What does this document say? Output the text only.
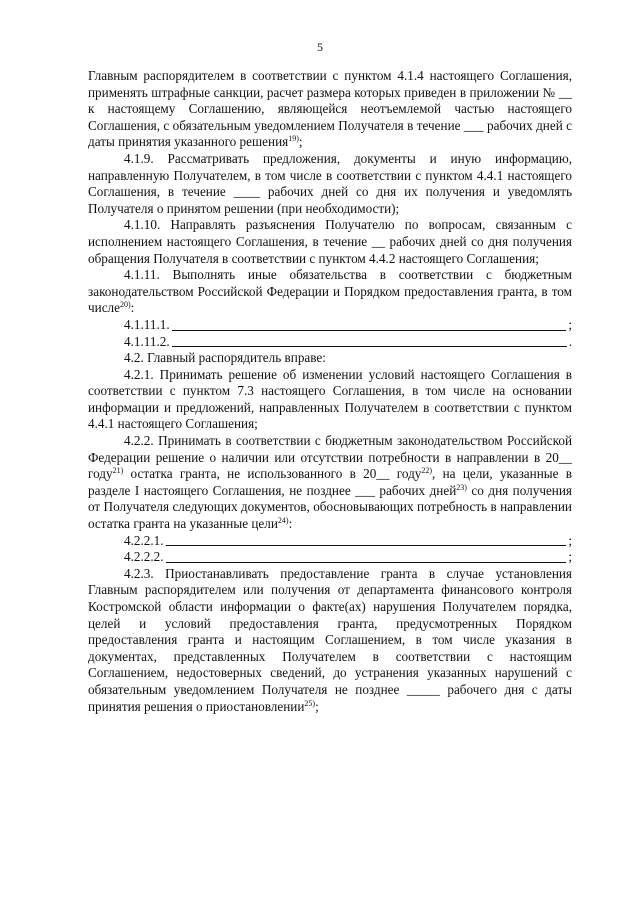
5

Главным распорядителем в соответствии с пунктом 4.1.4 настоящего Соглашения, применять штрафные санкции, расчет размера которых приведен в приложении № __ к настоящему Соглашению, являющейся неотъемлемой частью настоящего Соглашения, с обязательным уведомлением Получателя в течение ___ рабочих дней с даты принятия указанного решения$^{19)}$;

4.1.9. Рассматривать предложения, документы и иную информацию, направленную Получателем, в том числе в соответствии с пунктом 4.4.1 настоящего Соглашения, в течение ____ рабочих дней со дня их получения и уведомлять Получателя о принятом решении (при необходимости);

4.1.10. Направлять разъяснения Получателю по вопросам, связанным с исполнением настоящего Соглашения, в течение __ рабочих дней со дня получения обращения Получателя в соответствии с пунктом 4.4.2 настоящего Соглашения;

4.1.11. Выполнять иные обязательства в соответствии с бюджетным законодательством Российской Федерации и Порядком предоставления гранта, в том числе$^{20)}$:

4.1.11.1.	;
4.1.11.2.	.

4.2. Главный распорядитель вправе:

4.2.1. Принимать решение об изменении условий настоящего Соглашения в соответствии с пунктом 7.3 настоящего Соглашения, в том числе на основании информации и предложений, направленных Получателем в соответствии с пунктом 4.4.1 настоящего Соглашения;

4.2.2. Принимать в соответствии с бюджетным законодательством Российской Федерации решение о наличии или отсутствии потребности в направлении в 20__ году$^{21)}$ остатка гранта, не использованного в 20__ году$^{22)}$, на цели, указанные в разделе I настоящего Соглашения, не позднее ___ рабочих дней$^{23)}$ со дня получения от Получателя следующих документов, обосновывающих потребность в направлении остатка гранта на указанные цели$^{24)}$:

4.2.2.1.	;
4.2.2.2.	;

4.2.3. Приостанавливать предоставление гранта в случае установления Главным распорядителем или получения от департамента финансового контроля Костромской области информации о факте(ах) нарушения Получателем порядка, целей и условий предоставления гранта, предусмотренных Порядком предоставления гранта и настоящим Соглашением, в том числе указания в документах, представленных Получателем в соответствии с настоящим Соглашением, недостоверных сведений, до устранения указанных нарушений с обязательным уведомлением Получателя не позднее _____ рабочего дня с даты принятия решения о приостановлении$^{25)}$;
